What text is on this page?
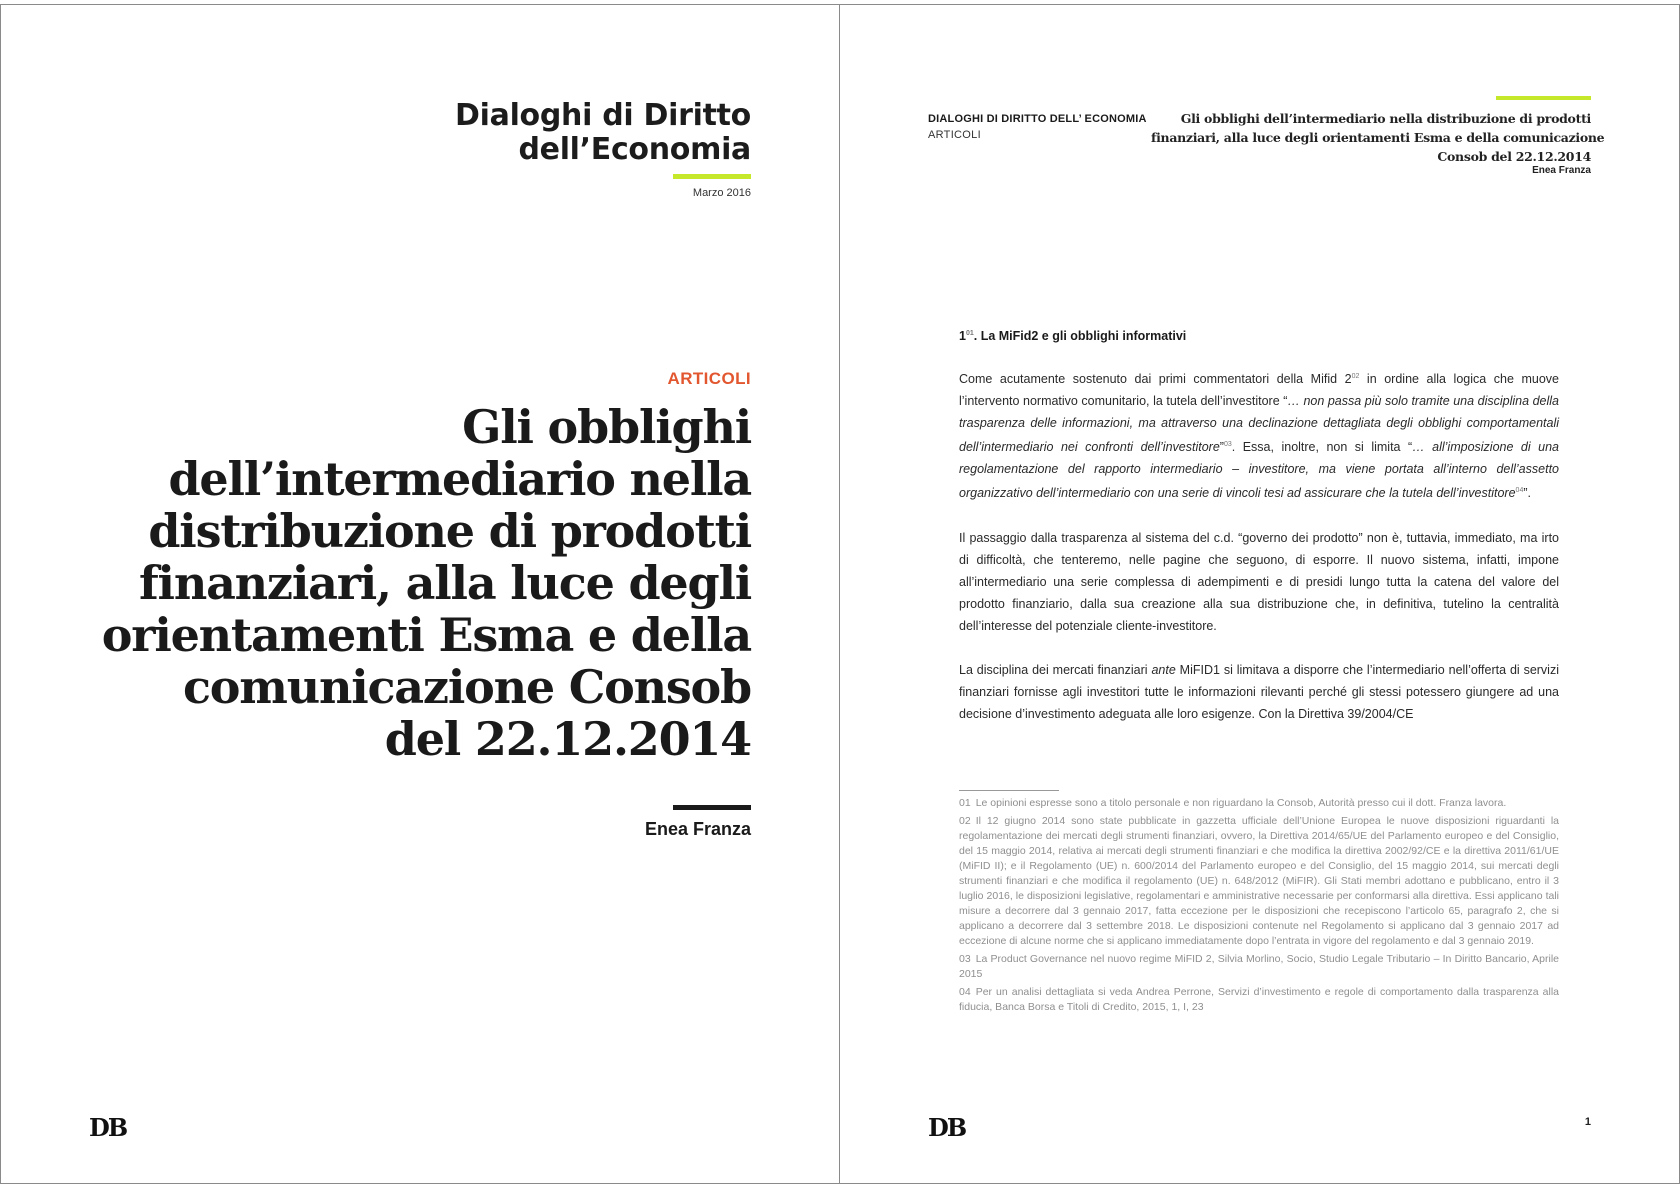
Dialoghi di Diritto
dell’Economia
Marzo 2016
ARTICOLI
Gli obblighi
dell’intermediario nella
distribuzione di prodotti
finanziari, alla luce degli
orientamenti Esma e della
comunicazione Consob
del 22.12.2014
Enea Franza
DB
DIALOGHI DI DIRITTO DELL’ ECONOMIA
ARTICOLI
Gli obblighi dell’intermediario nella distribuzione di prodotti
finanziari, alla luce degli orientamenti Esma e della comunicazione
Consob del 22.12.2014
Enea Franza
$1^{01}$. La MiFid2 e gli obblighi informativi

Come acutamente sostenuto dai primi commentatori della Mifid $2^{02}$ in ordine alla logica che muove l’intervento normativo comunitario, la tutela dell’investitore “… non passa più solo tramite una disciplina della trasparenza delle informazioni, ma attraverso una declinazione dettagliata degli obblighi comportamentali dell’intermediario nei confronti dell’investitore”$^{03}$. Essa, inoltre, non si limita “… all’imposizione di una regolamentazione del rapporto intermediario – investitore, ma viene portata all’interno dell’assetto organizzativo dell’intermediario con una serie di vincoli tesi ad assicurare che la tutela dell’investitore$^{04}$”.

Il passaggio dalla trasparenza al sistema del c.d. “governo dei prodotto” non è, tuttavia, immediato, ma irto di difficoltà, che tenteremo, nelle pagine che seguono, di esporre. Il nuovo sistema, infatti, impone all’intermediario una serie complessa di adempimenti e di presidi lungo tutta la catena del valore del prodotto finanziario, dalla sua creazione alla sua distribuzione che, in definitiva, tutelino la centralità dell’interesse del potenziale cliente-investitore.

La disciplina dei mercati finanziari ante MiFID1 si limitava a disporre che l’intermediario nell’offerta di servizi finanziari fornisse agli investitori tutte le informazioni rilevanti perché gli stessi potessero giungere ad una decisione d’investimento adeguata alle loro esigenze. Con la Direttiva 39/2004/CE

01 Le opinioni espresse sono a titolo personale e non riguardano la Consob, Autorità presso cui il dott. Franza lavora.

02 Il 12 giugno 2014 sono state pubblicate in gazzetta ufficiale dell’Unione Europea le nuove disposizioni riguardanti la regolamentazione dei mercati degli strumenti finanziari, ovvero, la Direttiva 2014/65/UE del Parlamento europeo e del Consiglio, del 15 maggio 2014, relativa ai mercati degli strumenti finanziari e che modifica la direttiva 2002/92/CE e la direttiva 2011/61/UE (MiFID II); e il Regolamento (UE) n. 600/2014 del Parlamento europeo e del Consiglio, del 15 maggio 2014, sui mercati degli strumenti finanziari e che modifica il regolamento (UE) n. 648/2012 (MiFIR). Gli Stati membri adottano e pubblicano, entro il 3 luglio 2016, le disposizioni legislative, regolamentari e amministrative necessarie per conformarsi alla direttiva. Essi applicano tali misure a decorrere dal 3 gennaio 2017, fatta eccezione per le disposizioni che recepiscono l’articolo 65, paragrafo 2, che si applicano a decorrere dal 3 settembre 2018. Le disposizioni contenute nel Regolamento si applicano dal 3 gennaio 2017 ad eccezione di alcune norme che si applicano immediatamente dopo l’entrata in vigore del regolamento e dal 3 gennaio 2019.

03 La Product Governance nel nuovo regime MiFID 2, Silvia Morlino, Socio, Studio Legale Tributario – In Diritto Bancario, Aprile 2015

04 Per un analisi dettagliata si veda Andrea Perrone, Servizi d’investimento e regole di comportamento dalla trasparenza alla fiducia, Banca Borsa e Titoli di Credito, 2015, 1, I, 23

DB	1
